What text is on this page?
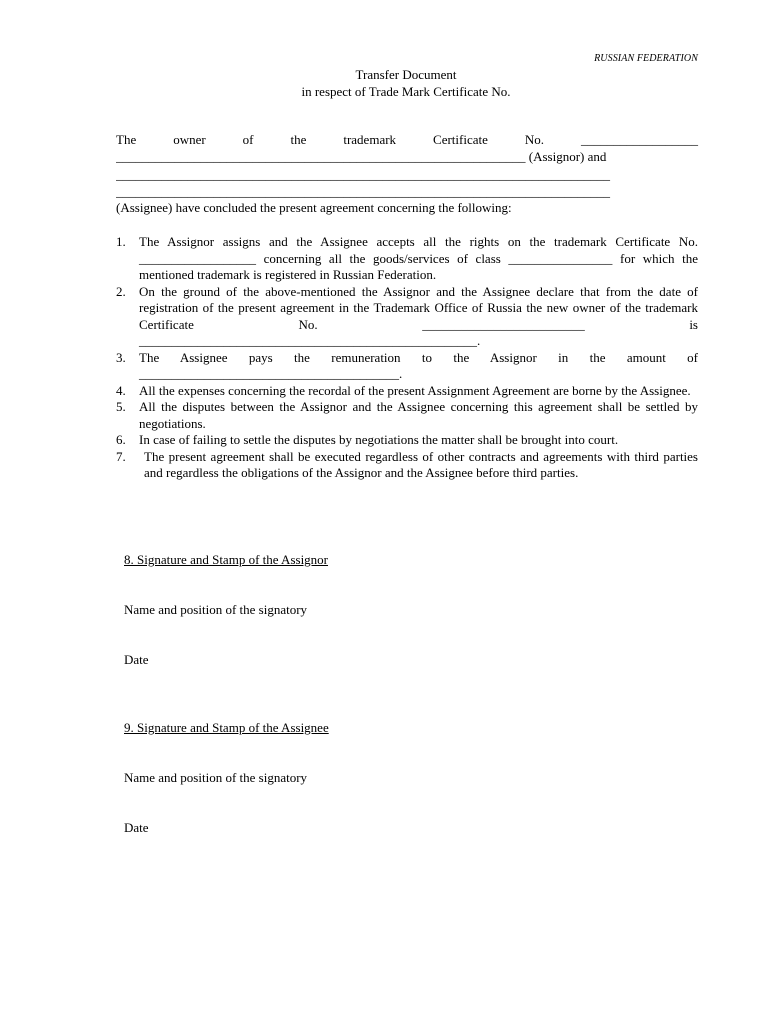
RUSSIAN FEDERATION
Transfer Document
in respect of Trade Mark Certificate No.
The owner of the trademark Certificate No. __________________
_______________________________________________________________ (Assignor) and
____________________________________________________________________________
____________________________________________________________________________
(Assignee) have concluded the present agreement concerning the following:
1. The Assignor assigns and the Assignee accepts all the rights on the trademark Certificate No. __________________ concerning all the goods/services of class ________________ for which the mentioned trademark is registered in Russian Federation.
2. On the ground of the above-mentioned the Assignor and the Assignee declare that from the date of registration of the present agreement in the Trademark Office of Russia the new owner of the trademark Certificate No. _________________________ is ____________________________________________________.
3. The Assignee pays the remuneration to the Assignor in the amount of ________________________________________.
4. All the expenses concerning the recordal of the present Assignment Agreement are borne by the Assignee.
5. All the disputes between the Assignor and the Assignee concerning this agreement shall be settled by negotiations.
6. In case of failing to settle the disputes by negotiations the matter shall be brought into court.
7. The present agreement shall be executed regardless of other contracts and agreements with third parties and regardless the obligations of the Assignor and the Assignee before third parties.
8. Signature and Stamp of the Assignor
Name and position of the signatory
Date
9. Signature and Stamp of the Assignee
Name and position of the signatory
Date
